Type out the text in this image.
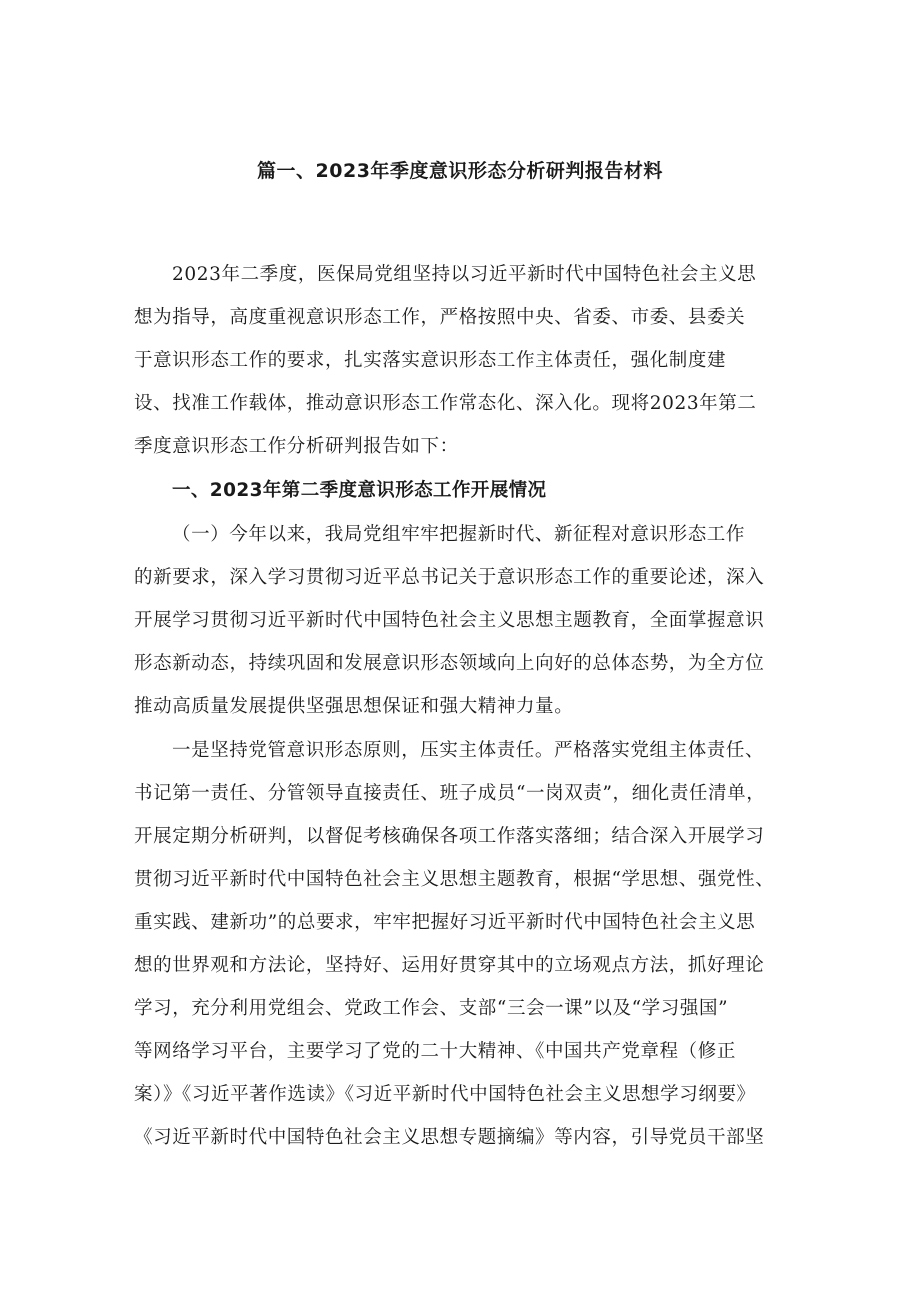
篇一、2023年季度意识形态分析研判报告材料
2023年二季度，医保局党组坚持以习近平新时代中国特色社会主义思
想为指导，高度重视意识形态工作，严格按照中央、省委、市委、县委关
于意识形态工作的要求，扎实落实意识形态工作主体责任，强化制度建
设、找准工作载体，推动意识形态工作常态化、深入化。现将2023年第二
季度意识形态工作分析研判报告如下：
一、2023年第二季度意识形态工作开展情况
（一）今年以来，我局党组牢牢把握新时代、新征程对意识形态工作
的新要求，深入学习贯彻习近平总书记关于意识形态工作的重要论述，深入
开展学习贯彻习近平新时代中国特色社会主义思想主题教育，全面掌握意识
形态新动态，持续巩固和发展意识形态领域向上向好的总体态势，为全方位
推动高质量发展提供坚强思想保证和强大精神力量。
一是坚持党管意识形态原则，压实主体责任。严格落实党组主体责任、
书记第一责任、分管领导直接责任、班子成员“一岗双责”，细化责任清单，
开展定期分析研判，以督促考核确保各项工作落实落细；结合深入开展学习
贯彻习近平新时代中国特色社会主义思想主题教育，根据“学思想、强党性、
重实践、建新功”的总要求，牢牢把握好习近平新时代中国特色社会主义思
想的世界观和方法论，坚持好、运用好贯穿其中的立场观点方法，抓好理论
学习，充分利用党组会、党政工作会、支部“三会一课”以及“学习强国”
等网络学习平台，主要学习了党的二十大精神、《中国共产党章程（修正
案）》《习近平著作选读》《习近平新时代中国特色社会主义思想学习纲要》
《习近平新时代中国特色社会主义思想专题摘编》等内容，引导党员干部坚
